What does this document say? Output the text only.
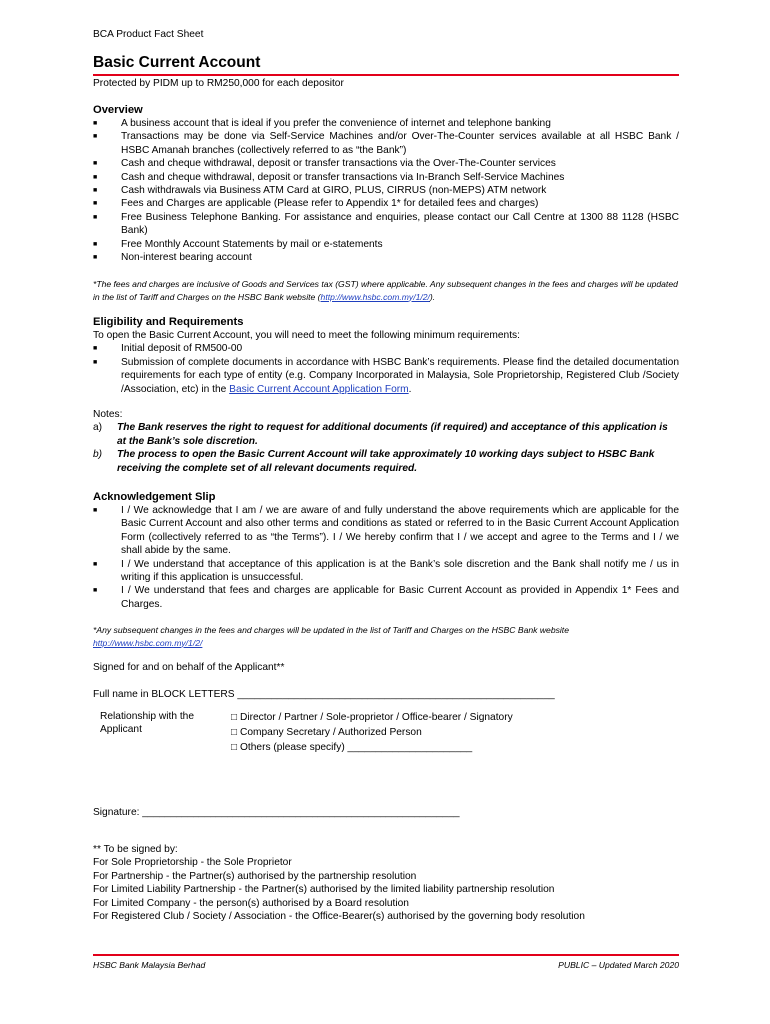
BCA Product Fact Sheet
Basic Current Account
Protected by PIDM up to RM250,000 for each depositor
Overview
■ A business account that is ideal if you prefer the convenience of internet and telephone banking
■ Transactions may be done via Self-Service Machines and/or Over-The-Counter services available at all HSBC Bank / HSBC Amanah branches (collectively referred to as “the Bank”)
■ Cash and cheque withdrawal, deposit or transfer transactions via the Over-The-Counter services
■ Cash and cheque withdrawal, deposit or transfer transactions via In-Branch Self-Service Machines
■ Cash withdrawals via Business ATM Card at GIRO, PLUS, CIRRUS (non-MEPS) ATM network
■ Fees and Charges are applicable (Please refer to Appendix 1* for detailed fees and charges)
■ Free Business Telephone Banking. For assistance and enquiries, please contact our Call Centre at 1300 88 1128 (HSBC Bank)
■ Free Monthly Account Statements by mail or e-statements
■ Non-interest bearing account
*The fees and charges are inclusive of Goods and Services tax (GST) where applicable. Any subsequent changes in the fees and charges will be updated in the list of Tariff and Charges on the HSBC Bank website (http://www.hsbc.com.my/1/2/).
Eligibility and Requirements

To open the Basic Current Account, you will need to meet the following minimum requirements:

■ Initial deposit of RM500-00
■ Submission of complete documents in accordance with HSBC Bank’s requirements. Please find the detailed documentation requirements for each type of entity (e.g. Company Incorporated in Malaysia, Sole Proprietorship, Registered Club /Society /Association, etc) in the Basic Current Account Application Form.

Notes:

a) The Bank reserves the right to request for additional documents (if required) and acceptance of this application is at the Bank’s sole discretion.
b) The process to open the Basic Current Account will take approximately 10 working days subject to HSBC Bank receiving the complete set of all relevant documents required.
Acknowledgement Slip
■ I / We acknowledge that I am / we are aware of and fully understand the above requirements which are applicable for the Basic Current Account and also other terms and conditions as stated or referred to in the Basic Current Account Application Form (collectively referred to as “the Terms”). I / We hereby confirm that I / we accept and agree to the Terms and I / we shall abide by the same.
■ I / We understand that acceptance of this application is at the Bank’s sole discretion and the Bank shall notify me / us in writing if this application is unsuccessful.
■ I / We understand that fees and charges are applicable for Basic Current Account as provided in Appendix 1* Fees and Charges.
*Any subsequent changes in the fees and charges will be updated in the list of Tariff and Charges on the HSBC Bank website
http://www.hsbc.com.my/1/2/
Signed for and on behalf of the Applicant**
Full name in BLOCK LETTERS ________________________________________________________
Relationship with the Applicant
□ Director / Partner / Sole-proprietor / Office-bearer / Signatory
□ Company Secretary / Authorized Person
□ Others (please specify) ______________________
Signature: ________________________________________________________

** To be signed by:

For Sole Proprietorship - the Sole Proprietor

For Partnership - the Partner(s) authorised by the partnership resolution

For Limited Liability Partnership - the Partner(s) authorised by the limited liability partnership resolution

For Limited Company - the person(s) authorised by a Board resolution

For Registered Club / Society / Association - the Office-Bearer(s) authorised by the governing body resolution

HSBC Bank Malaysia Berhad	PUBLIC – Updated March 2020
